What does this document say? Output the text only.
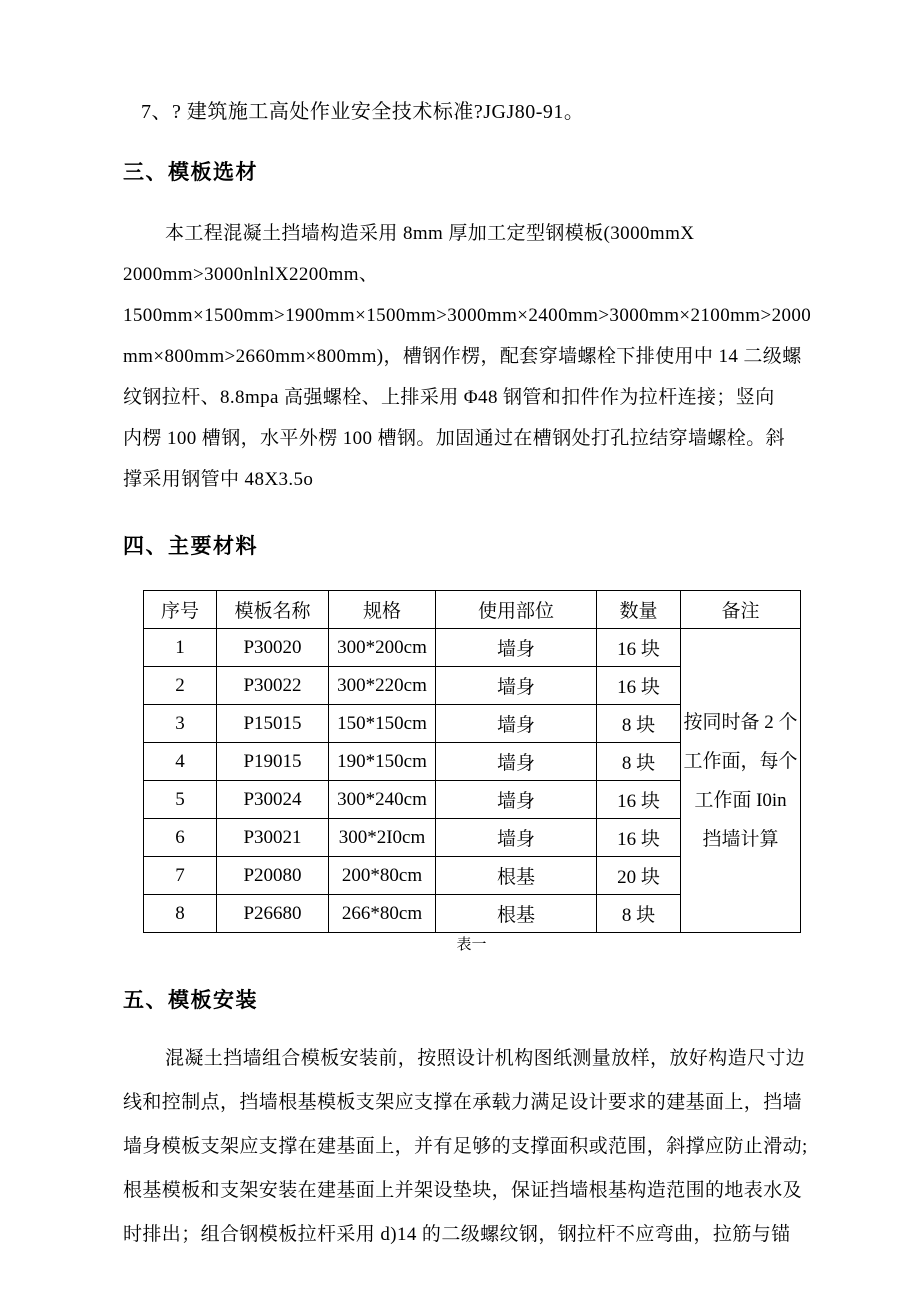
7、? 建筑施工高处作业安全技术标准?JGJ80-91。
三、模板选材
本工程混凝土挡墙构造采用 8mm 厚加工定型钢模板(3000mmX
2000mm>3000nlnlX2200mm、
1500mm×1500mm>1900mm×1500mm>3000mm×2400mm>3000mm×2100mm>2000
mm×800mm>2660mm×800mm)，槽钢作楞，配套穿墙螺栓下排使用中 14 二级螺
纹钢拉杆、8.8mpa 高强螺栓、上排采用 Φ48 钢管和扣件作为拉杆连接；竖向
内楞 100 槽钢，水平外楞 100 槽钢。加固通过在槽钢处打孔拉结穿墙螺栓。斜
撑采用钢管中 48X3.5o
四、主要材料
序号	模板名称	规格	使用部位	数量	备注
1	P30020	300*200cm	墙身	16 块	按同时备 2 个
工作面，每个
工作面 I0in
挡墙计算

2	P30022	300*220cm	墙身	16 块	
3	P15015	150*150cm	墙身	8 块	
4	P19015	190*150cm	墙身	8 块	
5	P30024	300*240cm	墙身	16 块	
6	P30021	300*2I0cm	墙身	16 块	
7	P20080	200*80cm	根基	20 块	
8	P26680	266*80cm	根基	8 块	
表一
五、模板安装
混凝土挡墙组合模板安装前，按照设计机构图纸测量放样，放好构造尺寸边
线和控制点，挡墙根基模板支架应支撑在承载力满足设计要求的建基面上，挡墙
墙身模板支架应支撑在建基面上，并有足够的支撑面积或范围，斜撑应防止滑动;
根基模板和支架安装在建基面上并架设垫块，保证挡墙根基构造范围的地表水及
时排出；组合钢模板拉杆采用 d)14 的二级螺纹钢，钢拉杆不应弯曲，拉筋与锚
